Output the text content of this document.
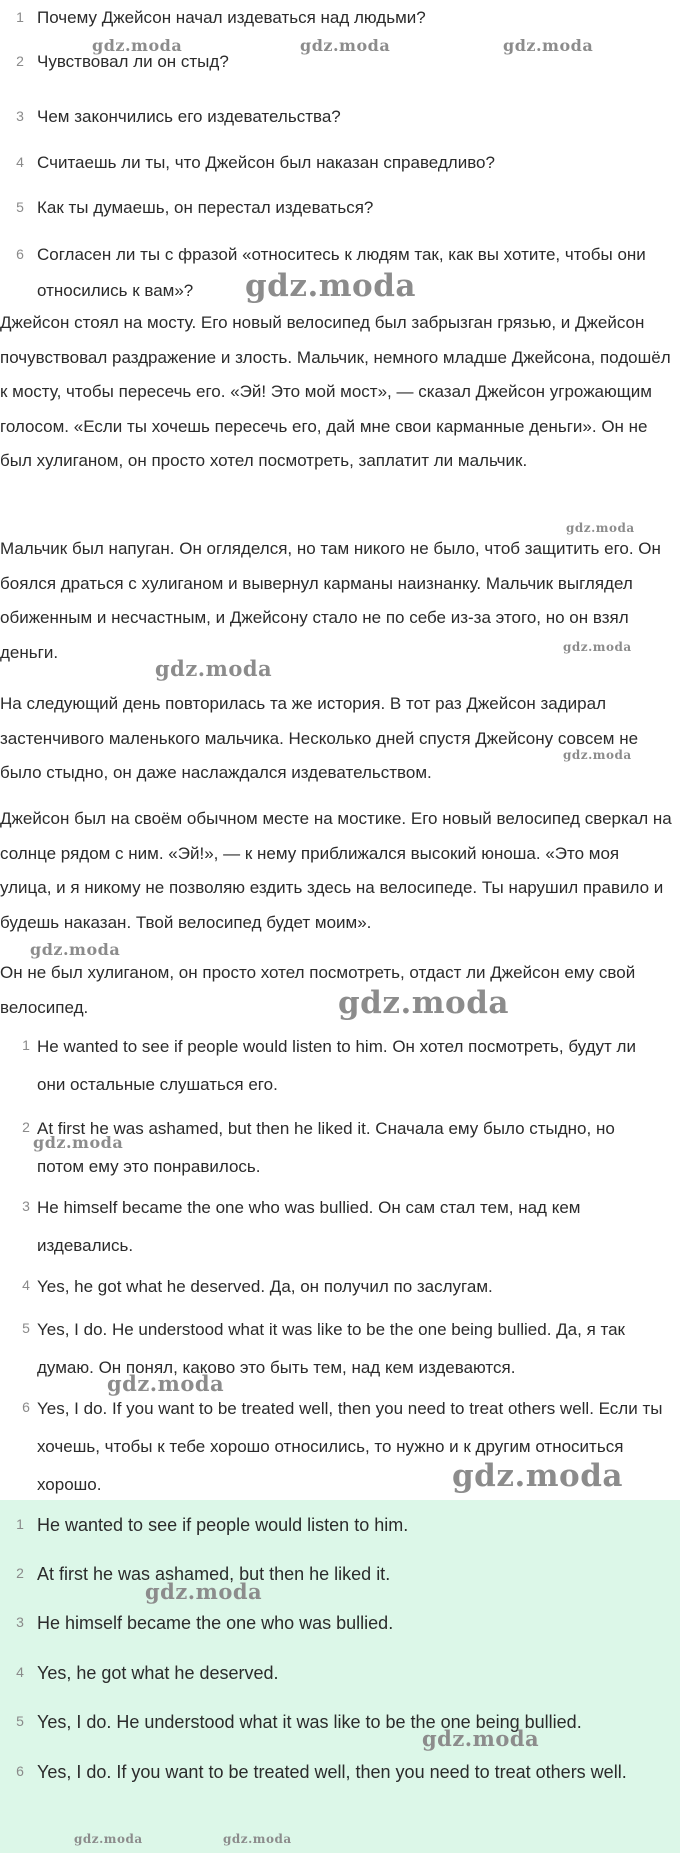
1 Почему Джейсон начал издеваться над людьми?
2 Чувствовал ли он стыд?
3 Чем закончились его издевательства?
4 Считаешь ли ты, что Джейсон был наказан справедливо?
5 Как ты думаешь, он перестал издеваться?
6 Согласен ли ты с фразой «относитесь к людям так, как вы хотите, чтобы они относились к вам»?

Джейсон стоял на мосту. Его новый велосипед был забрызган грязью, и Джейсон почувствовал раздражение и злость. Мальчик, немного младше Джейсона, подошёл к мосту, чтобы пересечь его. «Эй! Это мой мост», — сказал Джейсон угрожающим голосом. «Если ты хочешь пересечь его, дай мне свои карманные деньги». Он не был хулиганом, он просто хотел посмотреть, заплатит ли мальчик.

Мальчик был напуган. Он огляделся, но там никого не было, чтоб защитить его. Он боялся драться с хулиганом и вывернул карманы наизнанку. Мальчик выглядел обиженным и несчастным, и Джейсону стало не по себе из-за этого, но он взял деньги.

На следующий день повторилась та же история. В тот раз Джейсон задирал застенчивого маленького мальчика. Несколько дней спустя Джейсону совсем не было стыдно, он даже наслаждался издевательством.

Джейсон был на своём обычном месте на мостике. Его новый велосипед сверкал на солнце рядом с ним. «Эй!», — к нему приближался высокий юноша. «Это моя улица, и я никому не позволяю ездить здесь на велосипеде. Ты нарушил правило и будешь наказан. Твой велосипед будет моим».

Он не был хулиганом, он просто хотел посмотреть, отдаст ли Джейсон ему свой велосипед.

1 He wanted to see if people would listen to him. Он хотел посмотреть, будут ли они остальные слушаться его.
2 At first he was ashamed, but then he liked it. Сначала ему было стыдно, но потом ему это понравилось.
3 He himself became the one who was bullied. Он сам стал тем, над кем издевались.
4 Yes, he got what he deserved. Да, он получил по заслугам.
5 Yes, I do. He understood what it was like to be the one being bullied. Да, я так думаю. Он понял, каково это быть тем, над кем издеваются.
6 Yes, I do. If you want to be treated well, then you need to treat others well. Если ты хочешь, чтобы к тебе хорошо относились, то нужно и к другим относиться хорошо.
1 He wanted to see if people would listen to him.
2 At first he was ashamed, but then he liked it.
3 He himself became the one who was bullied.
4 Yes, he got what he deserved.
5 Yes, I do. He understood what it was like to be the one being bullied.
6 Yes, I do. If you want to be treated well, then you need to treat others well.
gdz.moda	gdz.moda	gdz.moda
gdz.moda
gdz.moda
gdz.moda
gdz.moda
gdz.moda
gdz.moda
gdz.moda
gdz.moda
gdz.moda
gdz.moda
gdz.moda
gdz.moda
gdz.moda	gdz.moda
